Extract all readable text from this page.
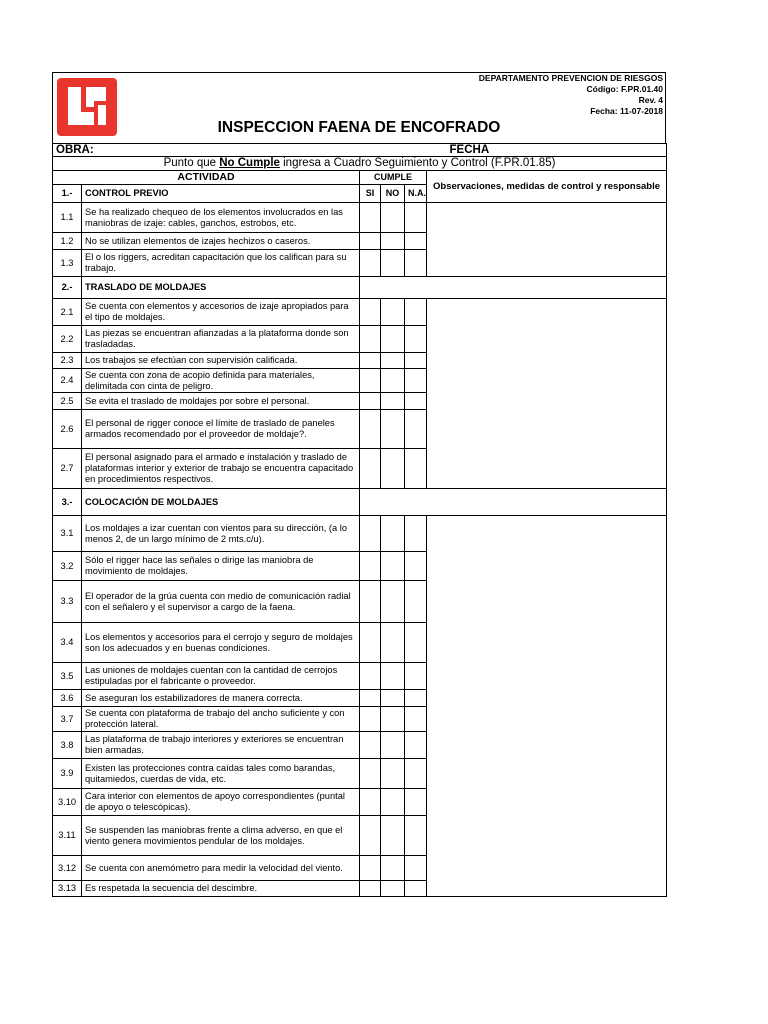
DEPARTAMENTO PREVENCION DE RIESGOS
Código: F.PR.01.40
Rev. 4
Fecha: 11-07-2018
INSPECCION FAENA DE ENCOFRADO
OBRA:		FECHA			
Punto que No Cumple ingresa a Cuadro Seguimiento y Control (F.PR.01.85)					
ACTIVIDAD		CUMPLE			Observaciones, medidas de control y responsable
1.-	CONTROL PREVIO	SI	NO	N.A.	
1.1	Se ha realizado chequeo de los elementos involucrados en las maniobras de izaje: cables, ganchos, estrobos, etc.				
1.2	No se utilizan elementos de izajes hechizos o caseros.				
1.3	El o los riggers, acreditan capacitación que los califican para su trabajo.				
2.-	TRASLADO DE MOLDAJES				
2.1	Se cuenta con elementos y accesorios de izaje apropiados para el tipo de moldajes.				
2.2	Las piezas se encuentran afianzadas a la plataforma donde son trasladadas.				
2.3	Los trabajos se efectúan con supervisión calificada.				
2.4	Se cuenta con zona de acopio definida para materiales, delimitada con cinta de peligro.				
2.5	Se evita el traslado de moldajes por sobre el personal.				
2.6	El personal de rigger conoce el límite de traslado de paneles armados recomendado por el proveedor de moldaje?.				
2.7	El personal asignado para el armado e instalación y traslado de plataformas interior y exterior de trabajo se encuentra capacitado en procedimientos respectivos.				
3.-	COLOCACIÓN DE MOLDAJES				
3.1	Los moldajes a izar cuentan con vientos para su dirección, (a lo menos 2, de un largo mínimo de 2 mts.c/u).				
3.2	Sólo el rigger hace las señales o dirige las maniobra de movimiento de moldajes.				
3.3	El operador de la grúa cuenta con medio de comunicación radial con el señalero y el supervisor a cargo de la faena.				
3.4	Los elementos y accesorios para el cerrojo y seguro de moldajes son los adecuados y en buenas condiciones.				
3.5	Las uniones de moldajes cuentan con la cantidad de cerrojos estipuladas por el fabricante o proveedor.				
3.6	Se aseguran los estabilizadores de manera correcta.				
3.7	Se cuenta con plataforma de trabajo del ancho suficiente y con protección lateral.				
3.8	Las plataforma de trabajo interiores y exteriores se encuentran bien armadas.				
3.9	Existen las protecciones contra caídas tales como barandas, quitamiedos, cuerdas de vida, etc.				
3.10	Cara interior con elementos de apoyo correspondientes (puntal de apoyo o telescópicas).				
3.11	Se suspenden las maniobras frente a clima adverso, en que el viento genera movimientos pendular de los moldajes.				
3.12	Se cuenta con anemómetro para medir la velocidad del viento.				
3.13	Es respetada la secuencia del descimbre.				
